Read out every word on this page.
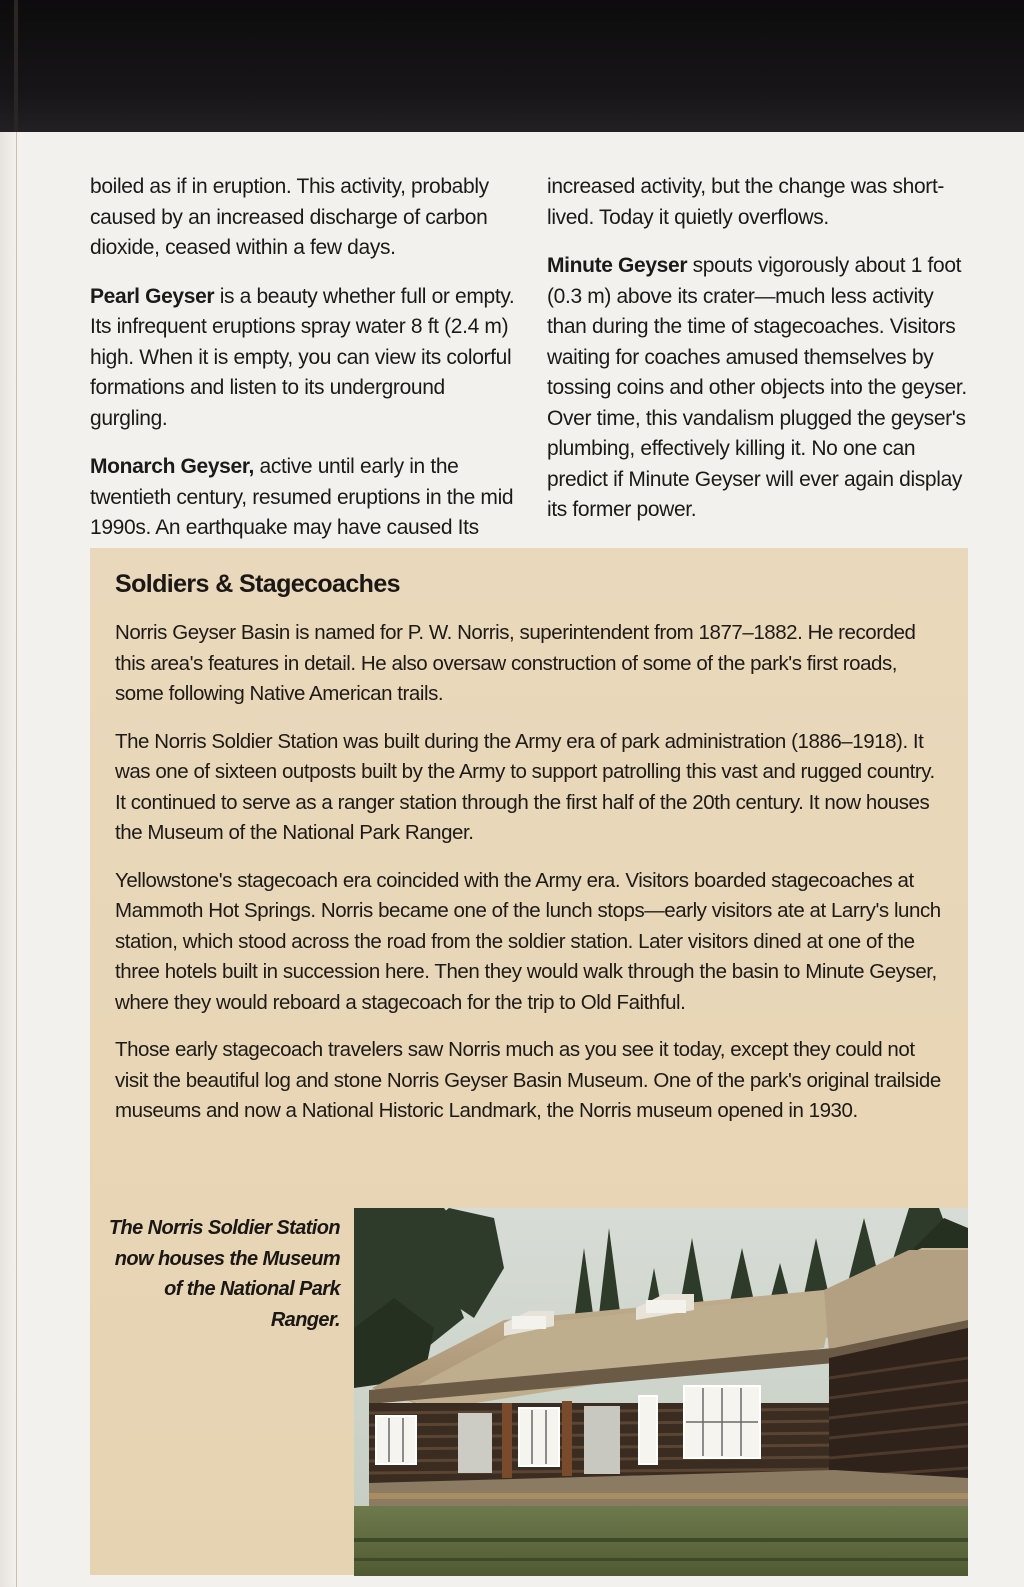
boiled as if in eruption. This activity, probably caused by an increased discharge of carbon dioxide, ceased within a few days.

Pearl Geyser is a beauty whether full or empty. Its infrequent eruptions spray water 8 ft (2.4 m) high. When it is empty, you can view its colorful formations and listen to its underground gurgling.

Monarch Geyser, active until early in the twentieth century, resumed eruptions in the mid 1990s. An earthquake may have caused Its

increased activity, but the change was short-lived. Today it quietly overflows.

Minute Geyser spouts vigorously about 1 foot (0.3 m) above its crater—much less activity than during the time of stagecoaches. Visitors waiting for coaches amused themselves by tossing coins and other objects into the geyser. Over time, this vandalism plugged the geyser's plumbing, effectively killing it. No one can predict if Minute Geyser will ever again display its former power.

Soldiers & Stagecoaches

Norris Geyser Basin is named for P. W. Norris, superintendent from 1877–1882. He recorded this area's features in detail. He also oversaw construction of some of the park's first roads, some following Native American trails.

The Norris Soldier Station was built during the Army era of park administration (1886–1918). It was one of sixteen outposts built by the Army to support patrolling this vast and rugged country. It continued to serve as a ranger station through the first half of the 20th century. It now houses the Museum of the National Park Ranger.

Yellowstone's stagecoach era coincided with the Army era. Visitors boarded stagecoaches at Mammoth Hot Springs. Norris became one of the lunch stops—early visitors ate at Larry's lunch station, which stood across the road from the soldier station. Later visitors dined at one of the three hotels built in succession here. Then they would walk through the basin to Minute Geyser, where they would reboard a stagecoach for the trip to Old Faithful.

Those early stagecoach travelers saw Norris much as you see it today, except they could not visit the beautiful log and stone Norris Geyser Basin Museum. One of the park's original trailside museums and now a National Historic Landmark, the Norris museum opened in 1930.

The Norris Soldier Station now houses the Museum of the National Park Ranger.
